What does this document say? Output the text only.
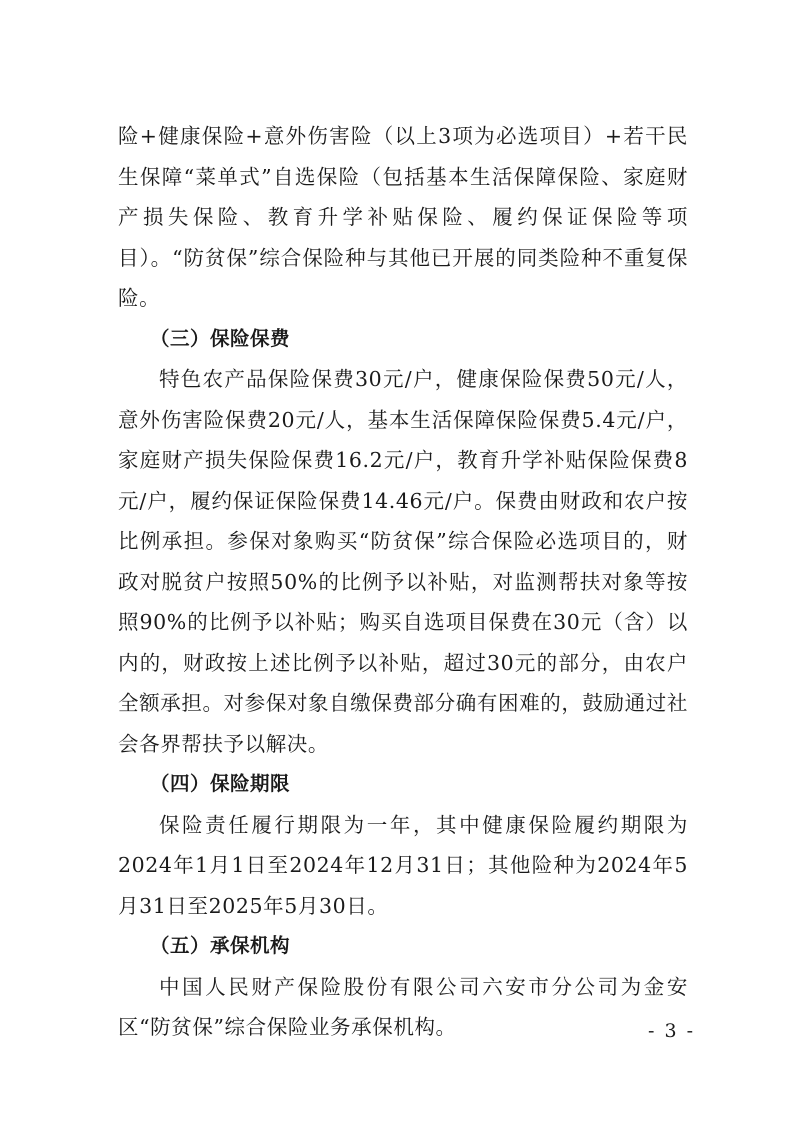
险+健康保险+意外伤害险（以上3项为必选项目）+若干民生保障“菜单式”自选保险（包括基本生活保障保险、家庭财产损失保险、教育升学补贴保险、履约保证保险等项目）。“防贫保”综合保险种与其他已开展的同类险种不重复保险。

（三）保险保费

特色农产品保险保费30元/户，健康保险保费50元/人，意外伤害险保费20元/人，基本生活保障保险保费5.4元/户，家庭财产损失保险保费16.2元/户，教育升学补贴保险保费8元/户，履约保证保险保费14.46元/户。保费由财政和农户按比例承担。参保对象购买“防贫保”综合保险必选项目的，财政对脱贫户按照50%的比例予以补贴，对监测帮扶对象等按照90%的比例予以补贴；购买自选项目保费在30元（含）以内的，财政按上述比例予以补贴，超过30元的部分，由农户全额承担。对参保对象自缴保费部分确有困难的，鼓励通过社会各界帮扶予以解决。

（四）保险期限

保险责任履行期限为一年，其中健康保险履约期限为2024年1月1日至2024年12月31日；其他险种为2024年5月31日至2025年5月30日。

（五）承保机构

中国人民财产保险股份有限公司六安市分公司为金安区“防贫保”综合保险业务承保机构。	- 3 -
